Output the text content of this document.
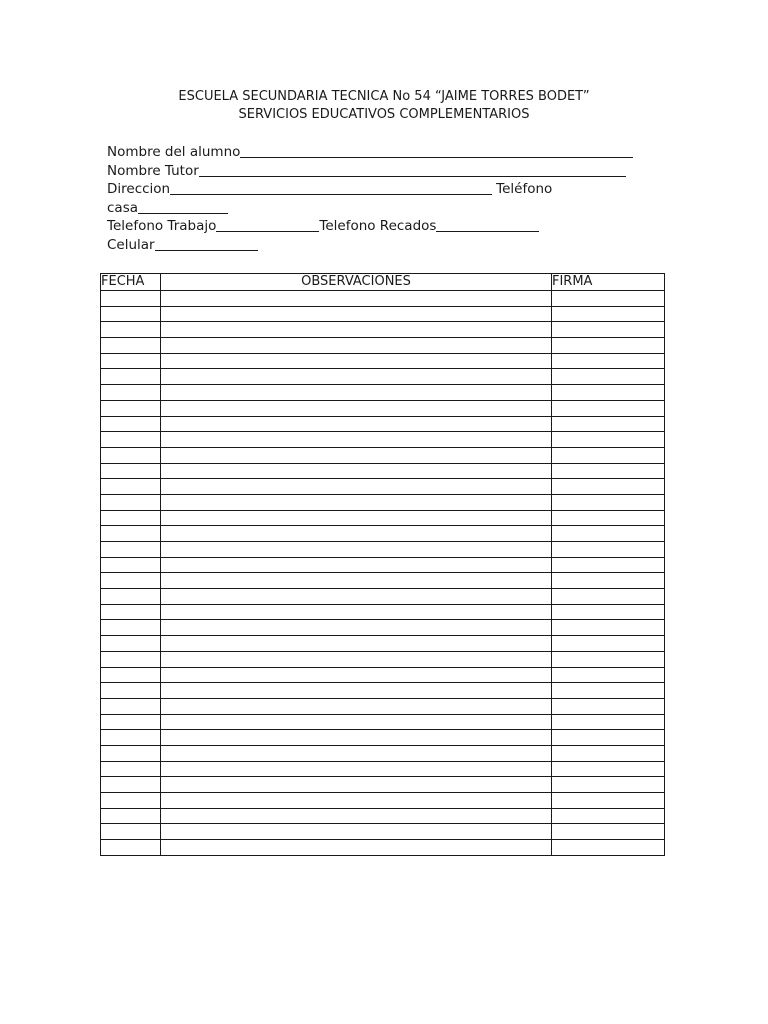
ESCUELA SECUNDARIA TECNICA No 54 “JAIME TORRES BODET”
SERVICIOS EDUCATIVOS COMPLEMENTARIOS
Nombre del alumno
Nombre Tutor
Direccion	Teléfono
casa
Telefono Trabajo	Telefono Recados
Celular
FECHA	OBSERVACIONES	FIRMA
